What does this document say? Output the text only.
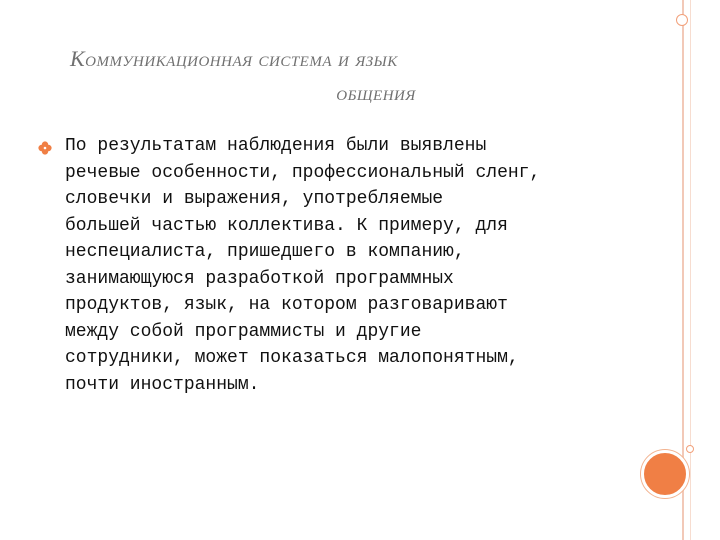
Коммуникационная система и язык
общения
По результатам наблюдения были выявлены
речевые особенности, профессиональный сленг,
словечки и выражения, употребляемые
большей частью коллектива. К примеру, для
неспециалиста, пришедшего в компанию,
занимающуюся разработкой программных
продуктов, язык, на котором разговаривают
между собой программисты и другие
сотрудники, может показаться малопонятным,
почти иностранным.
